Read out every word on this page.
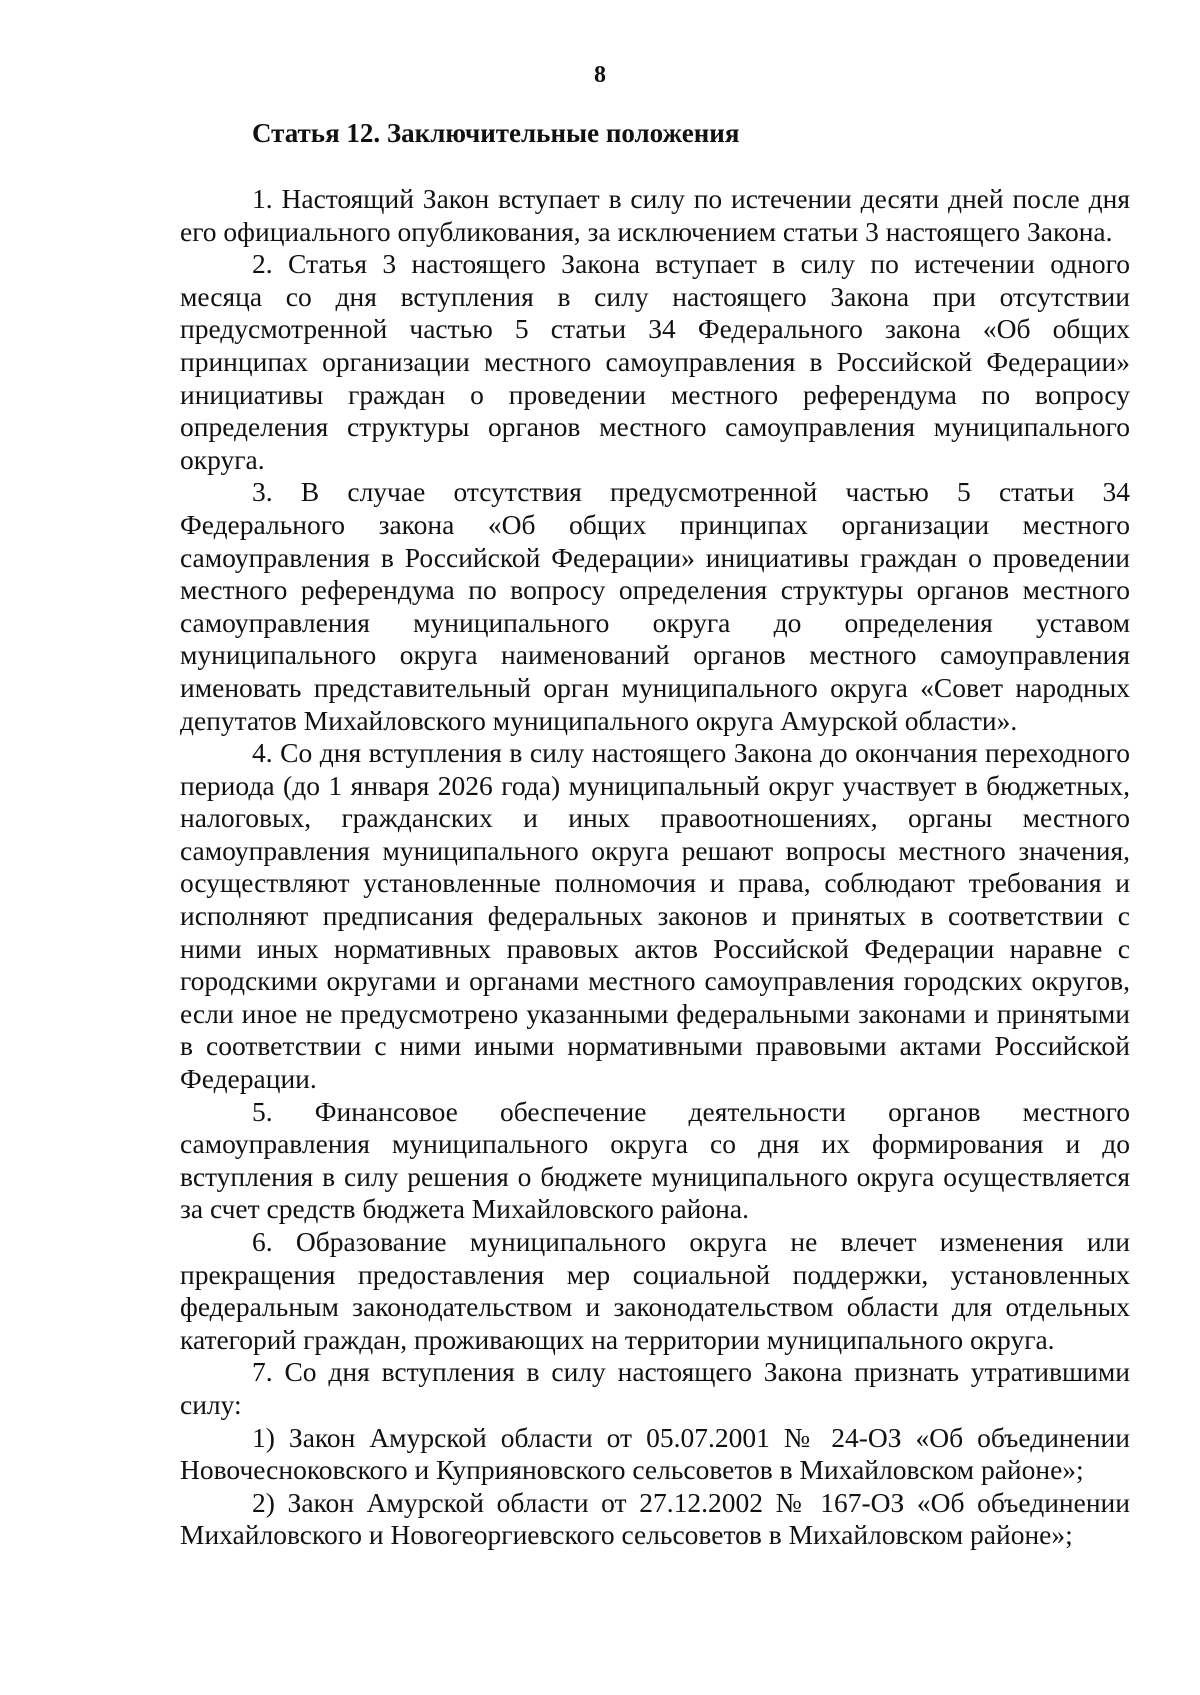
8
Статья 12. Заключительные положения

1. Настоящий Закон вступает в силу по истечении десяти дней после дня его официального опубликования, за исключением статьи 3 настоящего Закона.

2. Статья 3 настоящего Закона вступает в силу по истечении одного месяца со дня вступления в силу настоящего Закона при отсутствии предусмотренной частью 5 статьи 34 Федерального закона «Об общих принципах организации местного самоуправления в Российской Федерации» инициативы граждан о проведении местного референдума по вопросу определения структуры органов местного самоуправления муниципального округа.

3. В случае отсутствия предусмотренной частью 5 статьи 34 Федерального закона «Об общих принципах организации местного самоуправления в Российской Федерации» инициативы граждан о проведении местного референдума по вопросу определения структуры органов местного самоуправления муниципального округа до определения уставом муниципального округа наименований органов местного самоуправления именовать представительный орган муниципального округа «Совет народных депутатов Михайловского муниципального округа Амурской области».

4. Со дня вступления в силу настоящего Закона до окончания переходного периода (до 1 января 2026 года) муниципальный округ участвует в бюджетных, налоговых, гражданских и иных правоотношениях, органы местного самоуправления муниципального округа решают вопросы местного значения, осуществляют установленные полномочия и права, соблюдают требования и исполняют предписания федеральных законов и принятых в соответствии с ними иных нормативных правовых актов Российской Федерации наравне с городскими округами и органами местного самоуправления городских округов, если иное не предусмотрено указанными федеральными законами и принятыми в соответствии с ними иными нормативными правовыми актами Российской Федерации.

5. Финансовое обеспечение деятельности органов местного самоуправления муниципального округа со дня их формирования и до вступления в силу решения о бюджете муниципального округа осуществляется за счет средств бюджета Михайловского района.

6. Образование муниципального округа не влечет изменения или прекращения предоставления мер социальной поддержки, установленных федеральным законодательством и законодательством области для отдельных категорий граждан, проживающих на территории муниципального округа.

7. Со дня вступления в силу настоящего Закона признать утратившими силу:

1) Закон Амурской области от 05.07.2001 № 24-ОЗ «Об объединении Новочесноковского и Куприяновского сельсоветов в Михайловском районе»;

2) Закон Амурской области от 27.12.2002 № 167-ОЗ «Об объединении Михайловского и Новогеоргиевского сельсоветов в Михайловском районе»;
